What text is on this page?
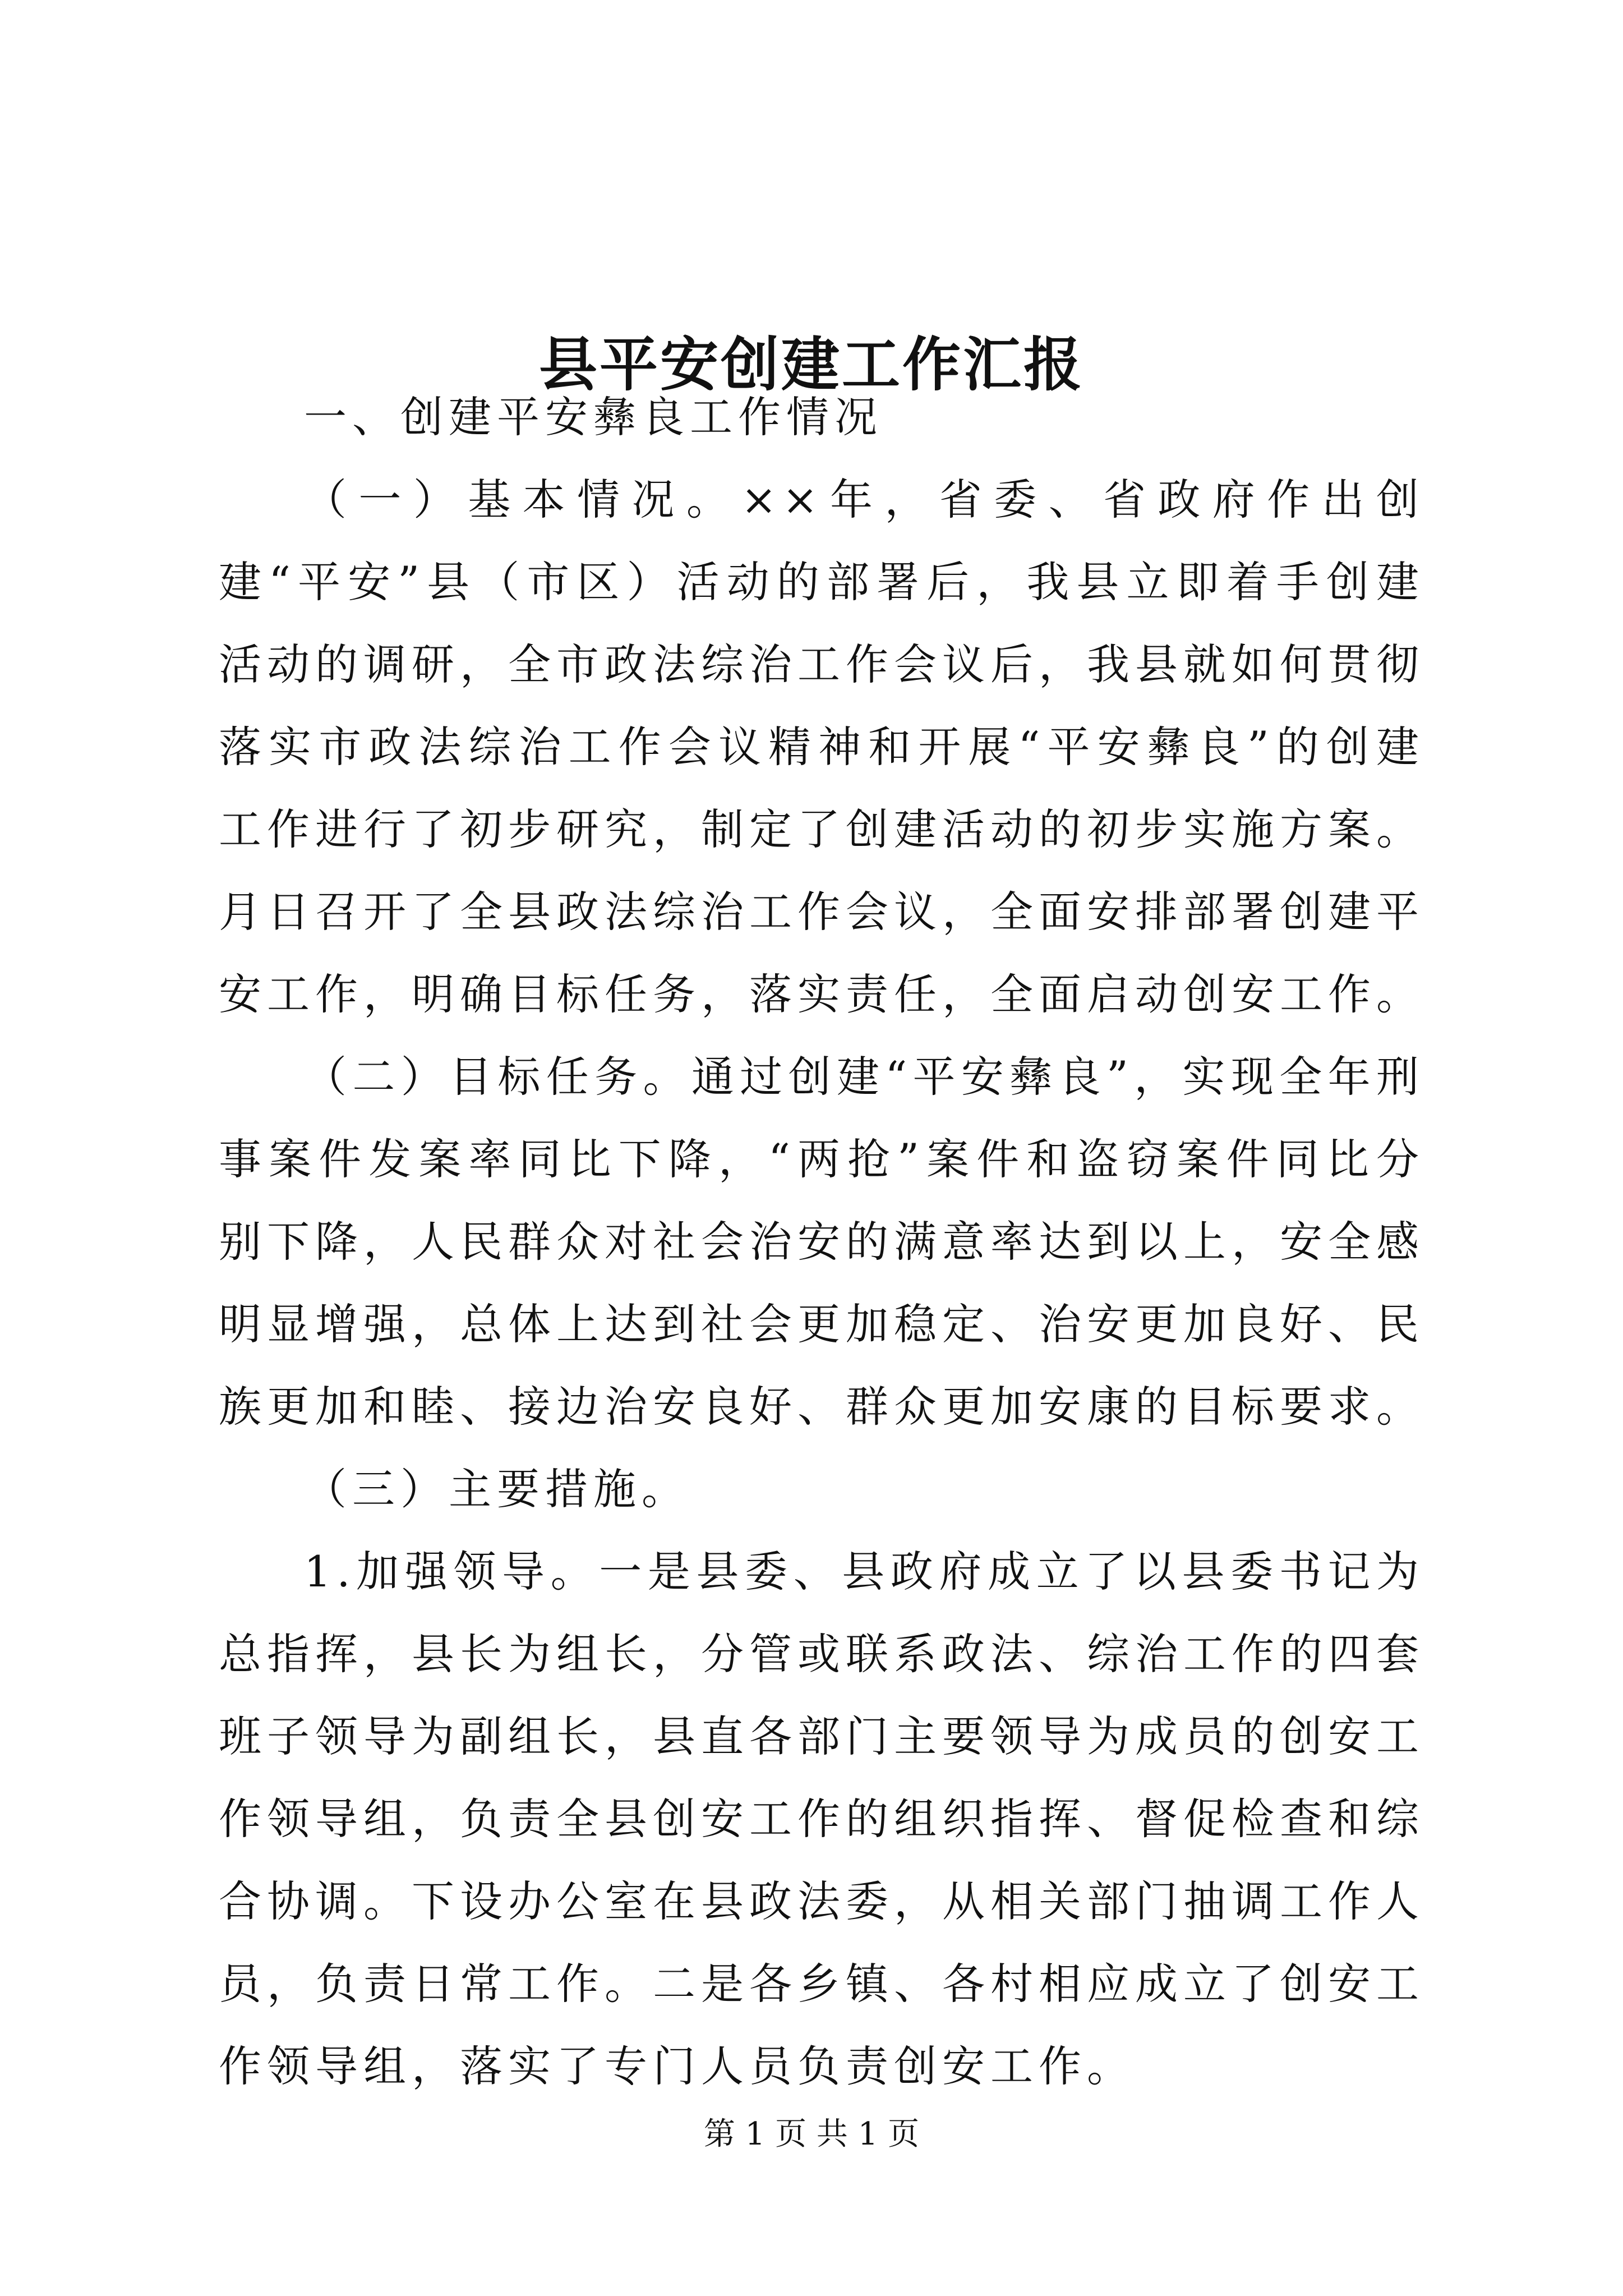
县平安创建工作汇报

一、创建平安彝良工作情况

（一）基本情况。××年，省委、省政府作出创建“平安”县（市区）活动的部署后，我县立即着手创建活动的调研，全市政法综治工作会议后，我县就如何贯彻落实市政法综治工作会议精神和开展“平安彝良”的创建工作进行了初步研究，制定了创建活动的初步实施方案。月日召开了全县政法综治工作会议，全面安排部署创建平安工作，明确目标任务，落实责任，全面启动创安工作。

（二）目标任务。通过创建“平安彝良”，实现全年刑事案件发案率同比下降，“两抢”案件和盗窃案件同比分别下降，人民群众对社会治安的满意率达到以上，安全感明显增强，总体上达到社会更加稳定、治安更加良好、民族更加和睦、接边治安良好、群众更加安康的目标要求。

（三）主要措施。

1.加强领导。一是县委、县政府成立了以县委书记为总指挥，县长为组长，分管或联系政法、综治工作的四套班子领导为副组长，县直各部门主要领导为成员的创安工作领导组，负责全县创安工作的组织指挥、督促检查和综合协调。下设办公室在县政法委，从相关部门抽调工作人员，负责日常工作。二是各乡镇、各村相应成立了创安工作领导组，落实了专门人员负责创安工作。

第 1 页 共 1 页
